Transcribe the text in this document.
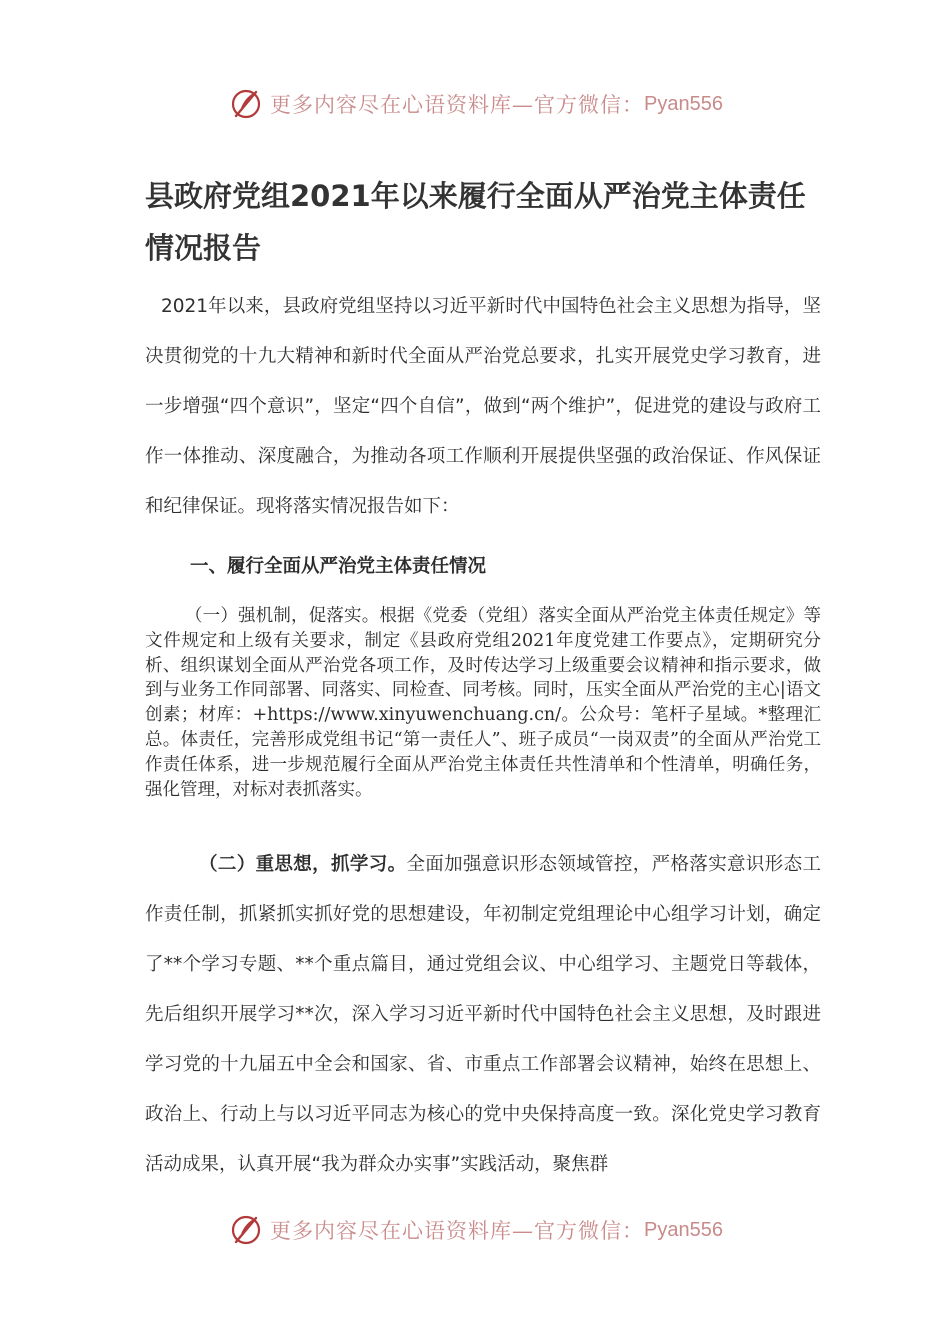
更多内容尽在心语资料库—官方微信： Pyan556
县政府党组2021年以来履行全面从严治党主体责任情况报告

2021年以来，县政府党组坚持以习近平新时代中国特色社会主义思想为指导，坚决贯彻党的十九大精神和新时代全面从严治党总要求，扎实开展党史学习教育，进一步增强“四个意识”，坚定“四个自信”，做到“两个维护”，促进党的建设与政府工作一体推动、深度融合，为推动各项工作顺利开展提供坚强的政治保证、作风保证和纪律保证。现将落实情况报告如下：

一、履行全面从严治党主体责任情况

（一）强机制，促落实。根据《党委（党组）落实全面从严治党主体责任规定》等文件规定和上级有关要求，制定《县政府党组2021年度党建工作要点》，定期研究分析、组织谋划全面从严治党各项工作，及时传达学习上级重要会议精神和指示要求，做到与业务工作同部署、同落实、同检查、同考核。同时，压实全面从严治党的主心|语文创素；材库：+https://www.xinyuwenchuang.cn/。公众号：笔杆子星域。*整理汇总。体责任，完善形成党组书记“第一责任人”、班子成员“一岗双责”的全面从严治党工作责任体系，进一步规范履行全面从严治党主体责任共性清单和个性清单，明确任务，强化管理，对标对表抓落实。

（二）重思想，抓学习。全面加强意识形态领域管控，严格落实意识形态工作责任制，抓紧抓实抓好党的思想建设，年初制定党组理论中心组学习计划，确定了**个学习专题、**个重点篇目，通过党组会议、中心组学习、主题党日等载体，先后组织开展学习**次，深入学习习近平新时代中国特色社会主义思想，及时跟进学习党的十九届五中全会和国家、省、市重点工作部署会议精神，始终在思想上、政治上、行动上与以习近平同志为核心的党中央保持高度一致。深化党史学习教育活动成果，认真开展“我为群众办实事”实践活动，聚焦群

更多内容尽在心语资料库—官方微信： Pyan556
